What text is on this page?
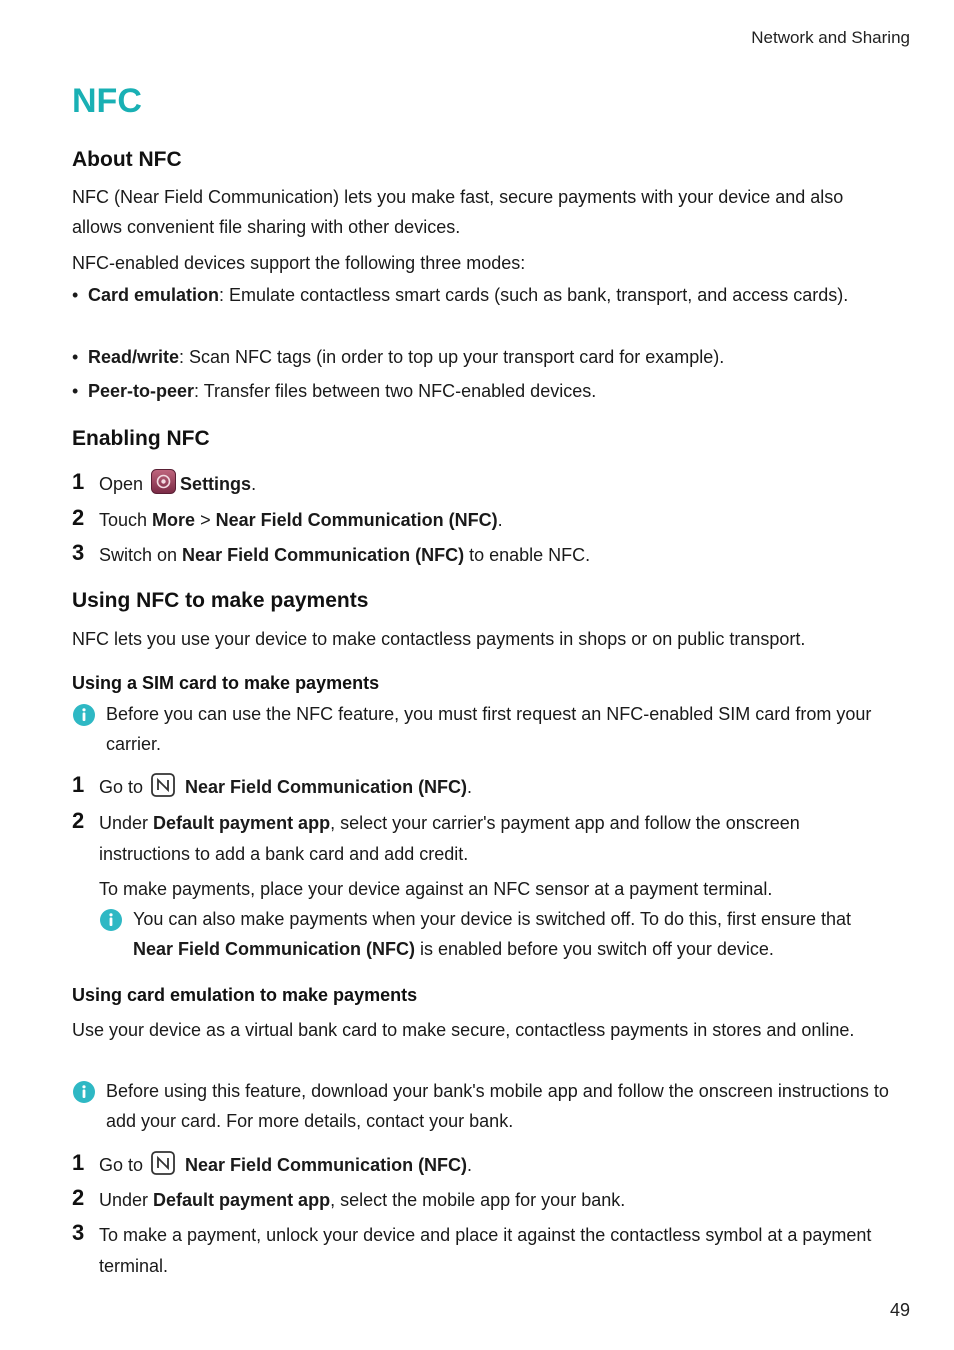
Network and Sharing
NFC
About NFC
NFC (Near Field Communication) lets you make fast, secure payments with your device and also allows convenient file sharing with other devices.
NFC-enabled devices support the following three modes:
• Card emulation: Emulate contactless smart cards (such as bank, transport, and access cards).
• Read/write: Scan NFC tags (in order to top up your transport card for example).
• Peer-to-peer: Transfer files between two NFC-enabled devices.
Enabling NFC
1 Open Settings.
2 Touch More > Near Field Communication (NFC).
3 Switch on Near Field Communication (NFC) to enable NFC.
Using NFC to make payments
NFC lets you use your device to make contactless payments in shops or on public transport.
Using a SIM card to make payments
Before you can use the NFC feature, you must first request an NFC-enabled SIM card from your carrier.
1 Go to Near Field Communication (NFC).
2 Under Default payment app, select your carrier's payment app and follow the onscreen instructions to add a bank card and add credit.
To make payments, place your device against an NFC sensor at a payment terminal.
You can also make payments when your device is switched off. To do this, first ensure that Near Field Communication (NFC) is enabled before you switch off your device.
Using card emulation to make payments
Use your device as a virtual bank card to make secure, contactless payments in stores and online.
Before using this feature, download your bank's mobile app and follow the onscreen instructions to add your card. For more details, contact your bank.
1 Go to Near Field Communication (NFC).
2 Under Default payment app, select the mobile app for your bank.
3 To make a payment, unlock your device and place it against the contactless symbol at a payment terminal.
49
